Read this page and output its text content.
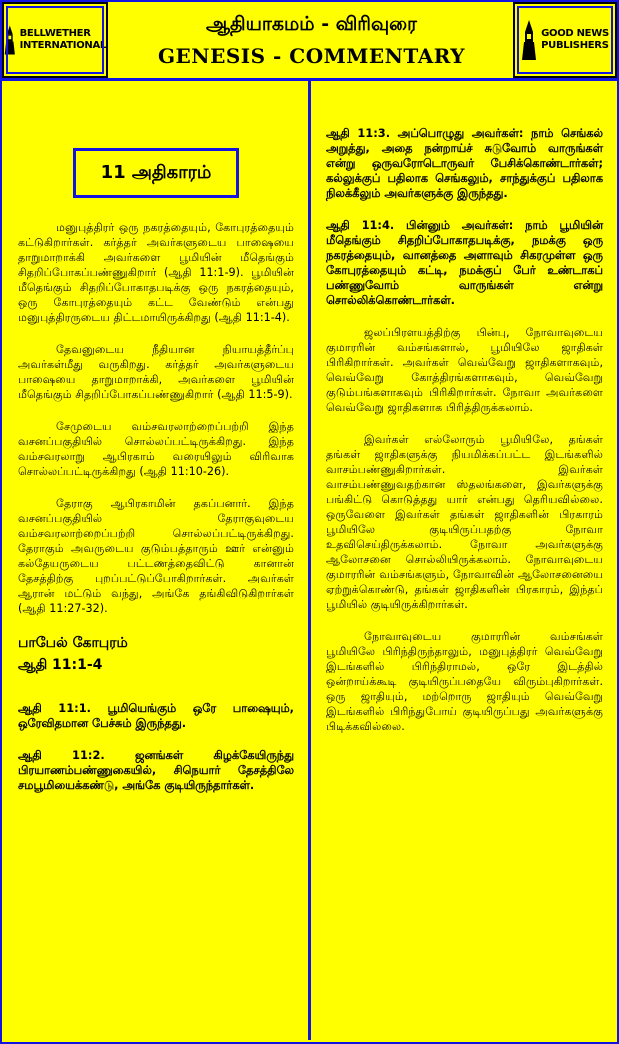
BELLWETHER
INTERNATIONAL
ஆதியாகமம் - விரிவுரை
GENESIS - COMMENTARY
GOOD NEWS
PUBLISHERS
11 அதிகாரம்

மனுபுத்திரர் ஒரு நகரத்தையும், கோபுரத்தையும் கட்டுகிறார்கள். கர்த்தர் அவர்களுடைய பாஷையை தாறுமாறாக்கி அவர்களை பூமியின் மீதெங்கும் சிதறிப்போகப்பண்ணுகிறார் (ஆதி 11:1-9). பூமியின் மீதெங்கும் சிதறிப்போகாதபடிக்கு ஒரு நகரத்தையும், ஒரு கோபுரத்தையும் கட்ட வேண்டும் என்பது மனுபுத்திரருடைய திட்டமாயிருக்கிறது (ஆதி 11:1-4).

தேவனுடைய நீதியான நியாயத்தீர்ப்பு அவர்கள்மீது வருகிறது. கர்த்தர் அவர்களுடைய பாஷையை தாறுமாறாக்கி, அவர்களை பூமியின் மீதெங்கும் சிதறிப்போகப்பண்ணுகிறார் (ஆதி 11:5-9).

சேமுடைய வம்சவரலாற்றைப்பற்றி இந்த வசனப்பகுதியில் சொல்லப்பட்டிருக்கிறது. இந்த வம்சவரலாறு ஆபிரகாம் வரையிலும் விரிவாக சொல்லப்பட்டிருக்கிறது (ஆதி 11:10-26).

தேராகு ஆபிரகாமின் தகப்பனார். இந்த வசனப்பகுதியில் தேராகுவுடைய வம்சவரலாற்றைப்பற்றி சொல்லப்பட்டிருக்கிறது. தேராகும் அவருடைய குடும்பத்தாரும் ஊர் என்னும் கல்தேயருடைய பட்டணத்தைவிட்டு கானான் தேசத்திற்கு புறப்பட்டுப்போகிறார்கள். அவர்கள் ஆரான் மட்டும் வந்து, அங்கே தங்கிவிடுகிறார்கள் (ஆதி 11:27-32).

பாபேல் கோபுரம்
ஆதி 11:1-4

ஆதி 11:1. பூமியெங்கும் ஒரே பாஷையும், ஒரேவிதமான பேச்சும் இருந்தது.

ஆதி 11:2. ஜனங்கள் கிழக்கேயிருந்து பிரயாணம்பண்ணுகையில், சிநெயார் தேசத்திலே சமபூமியைக்கண்டு, அங்கே குடியிருந்தார்கள்.

ஆதி 11:3. அப்பொழுது அவர்கள்: நாம் செங்கல் அறுத்து, அதை நன்றாய்ச் சுடுவோம் வாருங்கள் என்று ஒருவரோடொருவர் பேசிக்கொண்டார்கள்; கல்லுக்குப் பதிலாக செங்கலும், சாந்துக்குப் பதிலாக நிலக்கீலும் அவர்களுக்கு இருந்தது.

ஆதி 11:4. பின்னும் அவர்கள்: நாம் பூமியின் மீதெங்கும் சிதறிப்போகாதபடிக்கு, நமக்கு ஒரு நகரத்தையும், வானத்தை அளாவும் சிகரமுள்ள ஒரு கோபுரத்தையும் கட்டி, நமக்குப் பேர் உண்டாகப் பண்ணுவோம் வாருங்கள் என்று சொல்லிக்கொண்டார்கள்.

ஜலப்பிரளயத்திற்கு பின்பு, நோவாவுடைய குமாரரின் வம்சங்களால், பூமியிலே ஜாதிகள் பிரிகிறார்கள். அவர்கள் வெவ்வேறு ஜாதிகளாகவும், வெவ்வேறு கோத்திரங்களாகவும், வெவ்வேறு குடும்பங்களாகவும் பிரிகிறார்கள். நோவா அவர்களை வெவ்வேறு ஜாதிகளாக பிரித்திருக்கலாம்.

இவர்கள் எல்லோரும் பூமியிலே, தங்கள் தங்கள் ஜாதிகளுக்கு நியமிக்கப்பட்ட இடங்களில் வாசம்பண்ணுகிறார்கள். இவர்கள் வாசம்பண்ணுவதற்கான ஸ்தலங்களை, இவர்களுக்கு பங்கிட்டு கொடுத்தது யார் என்பது தெரியவில்லை. ஒருவேளை இவர்கள் தங்கள் ஜாதிகளின் பிரகாரம் பூமியிலே குடியிருப்பதற்கு நோவா உதவிசெய்திருக்கலாம். நோவா அவர்களுக்கு ஆலோசனை சொல்லியிருக்கலாம். நோவாவுடைய குமாரரின் வம்சங்களும், நோவாவின் ஆலோசனையை ஏற்றுக்கொண்டு, தங்கள் ஜாதிகளின் பிரகாரம், இந்தப் பூமியில் குடியிருக்கிறார்கள்.

நோவாவுடைய குமாரரின் வம்சங்கள் பூமியிலே பிரிந்திருந்தாலும், மனுபுத்திரர் வெவ்வேறு இடங்களில் பிரிந்திராமல், ஒரே இடத்தில் ஒன்றாய்க்கூடி குடியிருப்பதையே விரும்புகிறார்கள். ஒரு ஜாதியும், மற்றொரு ஜாதியும் வெவ்வேறு இடங்களில் பிரிந்துபோய் குடியிருப்பது அவர்களுக்கு பிடிக்கவில்லை.
